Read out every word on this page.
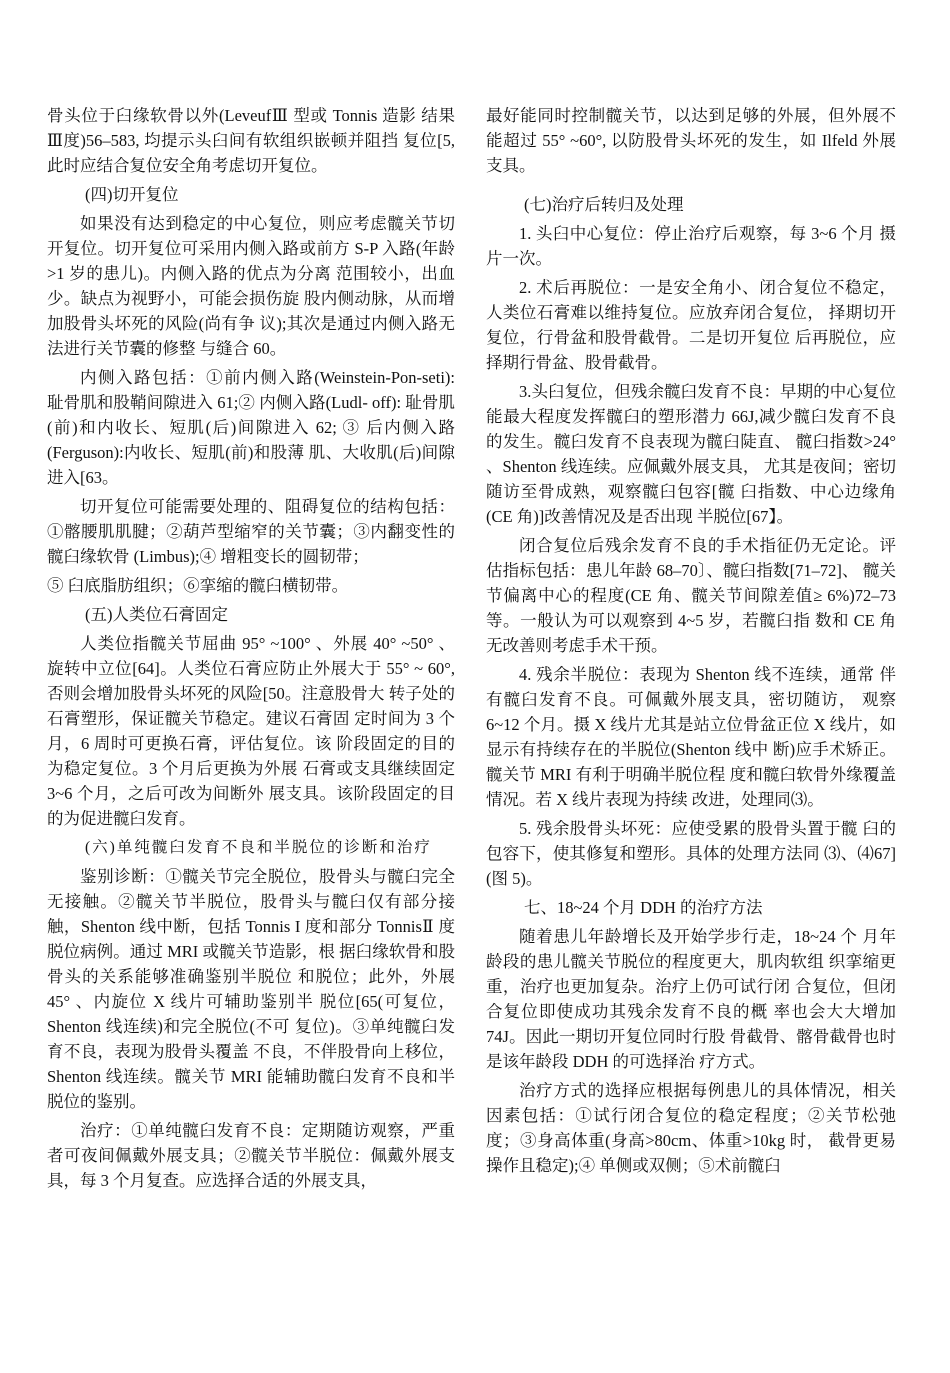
骨头位于臼缘软骨以外(LeveufⅢ 型或 Tonnis 造影 结果Ⅲ度)56–583, 均提示头臼间有软组织嵌顿并阻挡 复位[5, 此时应结合复位安全角考虑切开复位。

(四)切开复位

如果没有达到稳定的中心复位，则应考虑髋关节切开复位。切开复位可采用内侧入路或前方 S-P 入路(年龄>1 岁的患儿)。内侧入路的优点为分离 范围较小，出血少。缺点为视野小，可能会损伤旋 股内侧动脉，从而增加股骨头坏死的风险(尚有争 议);其次是通过内侧入路无法进行关节囊的修整 与缝合 60。

内侧入路包括：①前内侧入路(Weinstein-Pon-seti): 耻骨肌和股鞘间隙进入 61;② 内侧入路(Ludl- off): 耻骨肌(前)和内收长、短肌(后)间隙进入 62; ③ 后内侧入路(Ferguson):内收长、短肌(前)和股薄 肌、大收肌(后)间隙进入[63。

切开复位可能需要处理的、阻碍复位的结构包括：①髂腰肌肌腱；②葫芦型缩窄的关节囊；③内翻变性的髋臼缘软骨 (Limbus);④ 增粗变长的圆韧带；

⑤ 臼底脂肪组织；⑥挛缩的髋臼横韧带。

(五)人类位石膏固定

人类位指髋关节屈曲 95° ~100° 、外展 40° ~50° 、 旋转中立位[64]。人类位石膏应防止外展大于 55° ~ 60°, 否则会增加股骨头坏死的风险[50。注意股骨大 转子处的石膏塑形，保证髋关节稳定。建议石膏固 定时间为 3 个月，6 周时可更换石膏，评估复位。该 阶段固定的目的为稳定复位。3 个月后更换为外展 石膏或支具继续固定 3~6 个月，之后可改为间断外 展支具。该阶段固定的目的为促进髋臼发育。

(六)单纯髋臼发育不良和半脱位的诊断和治疗

鉴别诊断：①髋关节完全脱位，股骨头与髋臼完全无接触。②髋关节半脱位，股骨头与髋臼仅有部分接触，Shenton 线中断，包括 Tonnis I 度和部分 TonnisⅡ 度脱位病例。通过 MRI 或髋关节造影，根 据臼缘软骨和股骨头的关系能够准确鉴别半脱位 和脱位；此外，外展 45° 、内旋位 X 线片可辅助鉴别半 脱位[65(可复位，Shenton 线连续)和完全脱位(不可 复位)。③单纯髋臼发育不良，表现为股骨头覆盖 不良，不伴股骨向上移位，Shenton 线连续。髋关节 MRI 能辅助髋臼发育不良和半脱位的鉴别。

治疗：①单纯髋臼发育不良：定期随访观察，严重者可夜间佩戴外展支具；②髋关节半脱位：佩戴外展支具，每 3 个月复查。应选择合适的外展支具，

最好能同时控制髋关节，以达到足够的外展，但外展不能超过 55° ~60°, 以防股骨头坏死的发生，如 Ilfeld 外展支具。

(七)治疗后转归及处理

1. 头臼中心复位：停止治疗后观察，每 3~6 个月 摄片一次。

2. 术后再脱位：一是安全角小、闭合复位不稳定，人类位石膏难以维持复位。应放弃闭合复位， 择期切开复位，行骨盆和股骨截骨。二是切开复位 后再脱位，应择期行骨盆、股骨截骨。

3.头臼复位，但残余髋臼发育不良：早期的中心复位能最大程度发挥髋臼的塑形潜力 66J,减少髋臼发育不良的发生。髋臼发育不良表现为髋臼陡直、 髋臼指数>24° 、Shenton 线连续。应佩戴外展支具， 尤其是夜间；密切随访至骨成熟，观察髋臼包容[髋 臼指数、中心边缘角(CE 角)]改善情况及是否出现 半脱位[67】。

闭合复位后残余发育不良的手术指征仍无定论。评估指标包括：患儿年龄 68–70〕、髋臼指数[71–72]、 髋关节偏离中心的程度(CE 角、髋关节间隙差值≥ 6%)72–73 等。一般认为可以观察到 4~5 岁，若髋臼指 数和 CE 角无改善则考虑手术干预。

4. 残余半脱位：表现为 Shenton 线不连续，通常 伴有髋臼发育不良。可佩戴外展支具，密切随访， 观察 6~12 个月。摄 X 线片尤其是站立位骨盆正位 X 线片，如显示有持续存在的半脱位(Shenton 线中 断)应手术矫正。髋关节 MRI 有利于明确半脱位程 度和髋臼软骨外缘覆盖情况。若 X 线片表现为持续 改进，处理同⑶。

5. 残余股骨头坏死：应使受累的股骨头置于髋 臼的包容下，使其修复和塑形。具体的处理方法同 ⑶、⑷67](图 5)。

七、18~24 个月 DDH 的治疗方法

随着患儿年龄增长及开始学步行走，18~24 个 月年龄段的患儿髋关节脱位的程度更大，肌肉软组 织挛缩更重，治疗也更加复杂。治疗上仍可试行闭 合复位，但闭合复位即使成功其残余发育不良的概 率也会大大增加 74J。因此一期切开复位同时行股 骨截骨、髂骨截骨也时是该年龄段 DDH 的可选择治 疗方式。

治疗方式的选择应根据每例患儿的具体情况，相关因素包括：①试行闭合复位的稳定程度；②关节松弛度；③身高体重(身高>80cm、体重>10kg 时， 截骨更易操作且稳定);④ 单侧或双侧；⑤术前髋臼
